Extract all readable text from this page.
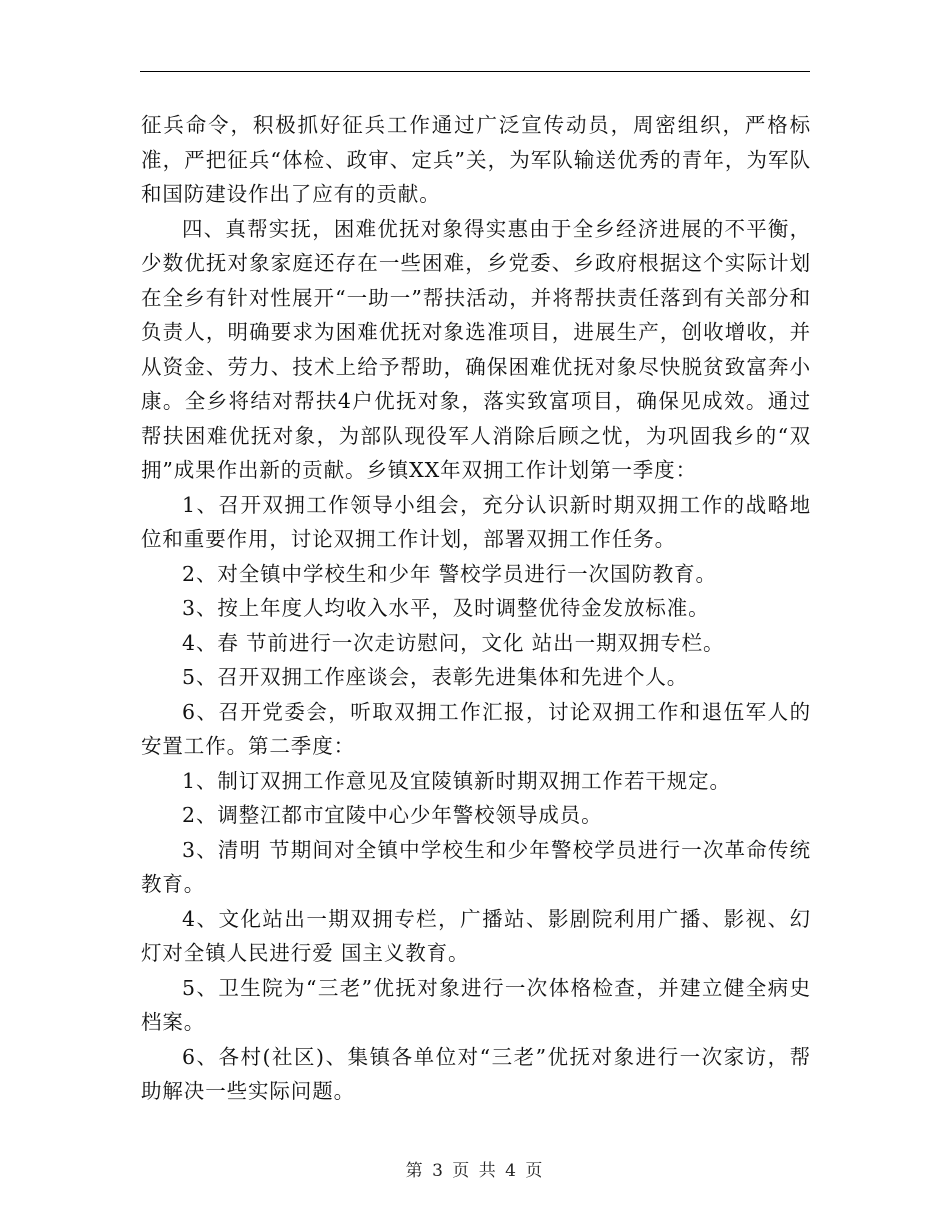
征兵命令，积极抓好征兵工作通过广泛宣传动员，周密组织，严格标准，严把征兵“体检、政审、定兵”关，为军队输送优秀的青年，为军队和国防建设作出了应有的贡献。

四、真帮实抚，困难优抚对象得实惠由于全乡经济进展的不平衡，少数优抚对象家庭还存在一些困难，乡党委、乡政府根据这个实际计划在全乡有针对性展开“一助一”帮扶活动，并将帮扶责任落到有关部分和负责人，明确要求为困难优抚对象选准项目，进展生产，创收增收，并从资金、劳力、技术上给予帮助，确保困难优抚对象尽快脱贫致富奔小康。全乡将结对帮扶4户优抚对象，落实致富项目，确保见成效。通过帮扶困难优抚对象，为部队现役军人消除后顾之忧，为巩固我乡的“双拥”成果作出新的贡献。乡镇XX年双拥工作计划第一季度：

1、召开双拥工作领导小组会，充分认识新时期双拥工作的战略地位和重要作用，讨论双拥工作计划，部署双拥工作任务。

2、对全镇中学校生和少年 警校学员进行一次国防教育。

3、按上年度人均收入水平，及时调整优待金发放标准。

4、春 节前进行一次走访慰问，文化 站出一期双拥专栏。

5、召开双拥工作座谈会，表彰先进集体和先进个人。

6、召开党委会，听取双拥工作汇报，讨论双拥工作和退伍军人的安置工作。第二季度：

1、制订双拥工作意见及宜陵镇新时期双拥工作若干规定。

2、调整江都市宜陵中心少年警校领导成员。

3、清明 节期间对全镇中学校生和少年警校学员进行一次革命传统教育。

4、文化站出一期双拥专栏，广播站、影剧院利用广播、影视、幻灯对全镇人民进行爱 国主义教育。

5、卫生院为“三老”优抚对象进行一次体格检查，并建立健全病史档案。

6、各村(社区)、集镇各单位对“三老”优抚对象进行一次家访，帮助解决一些实际问题。

第 3 页 共 4 页
